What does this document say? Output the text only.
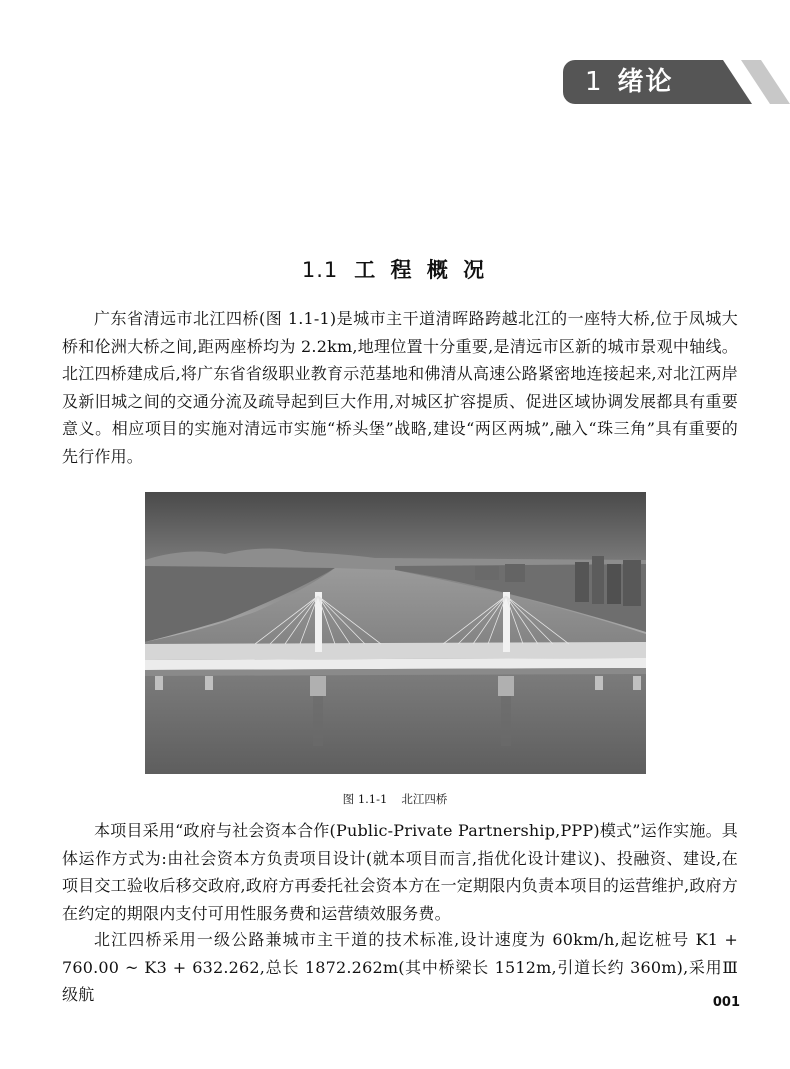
1 绪论
1.1 工 程 概 况

广东省清远市北江四桥(图 1.1-1)是城市主干道清晖路跨越北江的一座特大桥,位于凤城大桥和伦洲大桥之间,距两座桥均为 2.2km,地理位置十分重要,是清远市区新的城市景观中轴线。北江四桥建成后,将广东省省级职业教育示范基地和佛清从高速公路紧密地连接起来,对北江两岸及新旧城之间的交通分流及疏导起到巨大作用,对城区扩容提质、促进区域协调发展都具有重要意义。相应项目的实施对清远市实施“桥头堡”战略,建设“两区两城”,融入“珠三角”具有重要的先行作用。

图 1.1-1 北江四桥

本项目采用“政府与社会资本合作(Public-Private Partnership,PPP)模式”运作实施。具体运作方式为:由社会资本方负责项目设计(就本项目而言,指优化设计建议)、投融资、建设,在项目交工验收后移交政府,政府方再委托社会资本方在一定期限内负责本项目的运营维护,政府方在约定的期限内支付可用性服务费和运营绩效服务费。

北江四桥采用一级公路兼城市主干道的技术标准,设计速度为 60km/h,起讫桩号 K1 + 760.00 ~ K3 + 632.262,总长 1872.262m(其中桥梁长 1512m,引道长约 360m),采用Ⅲ级航	001
